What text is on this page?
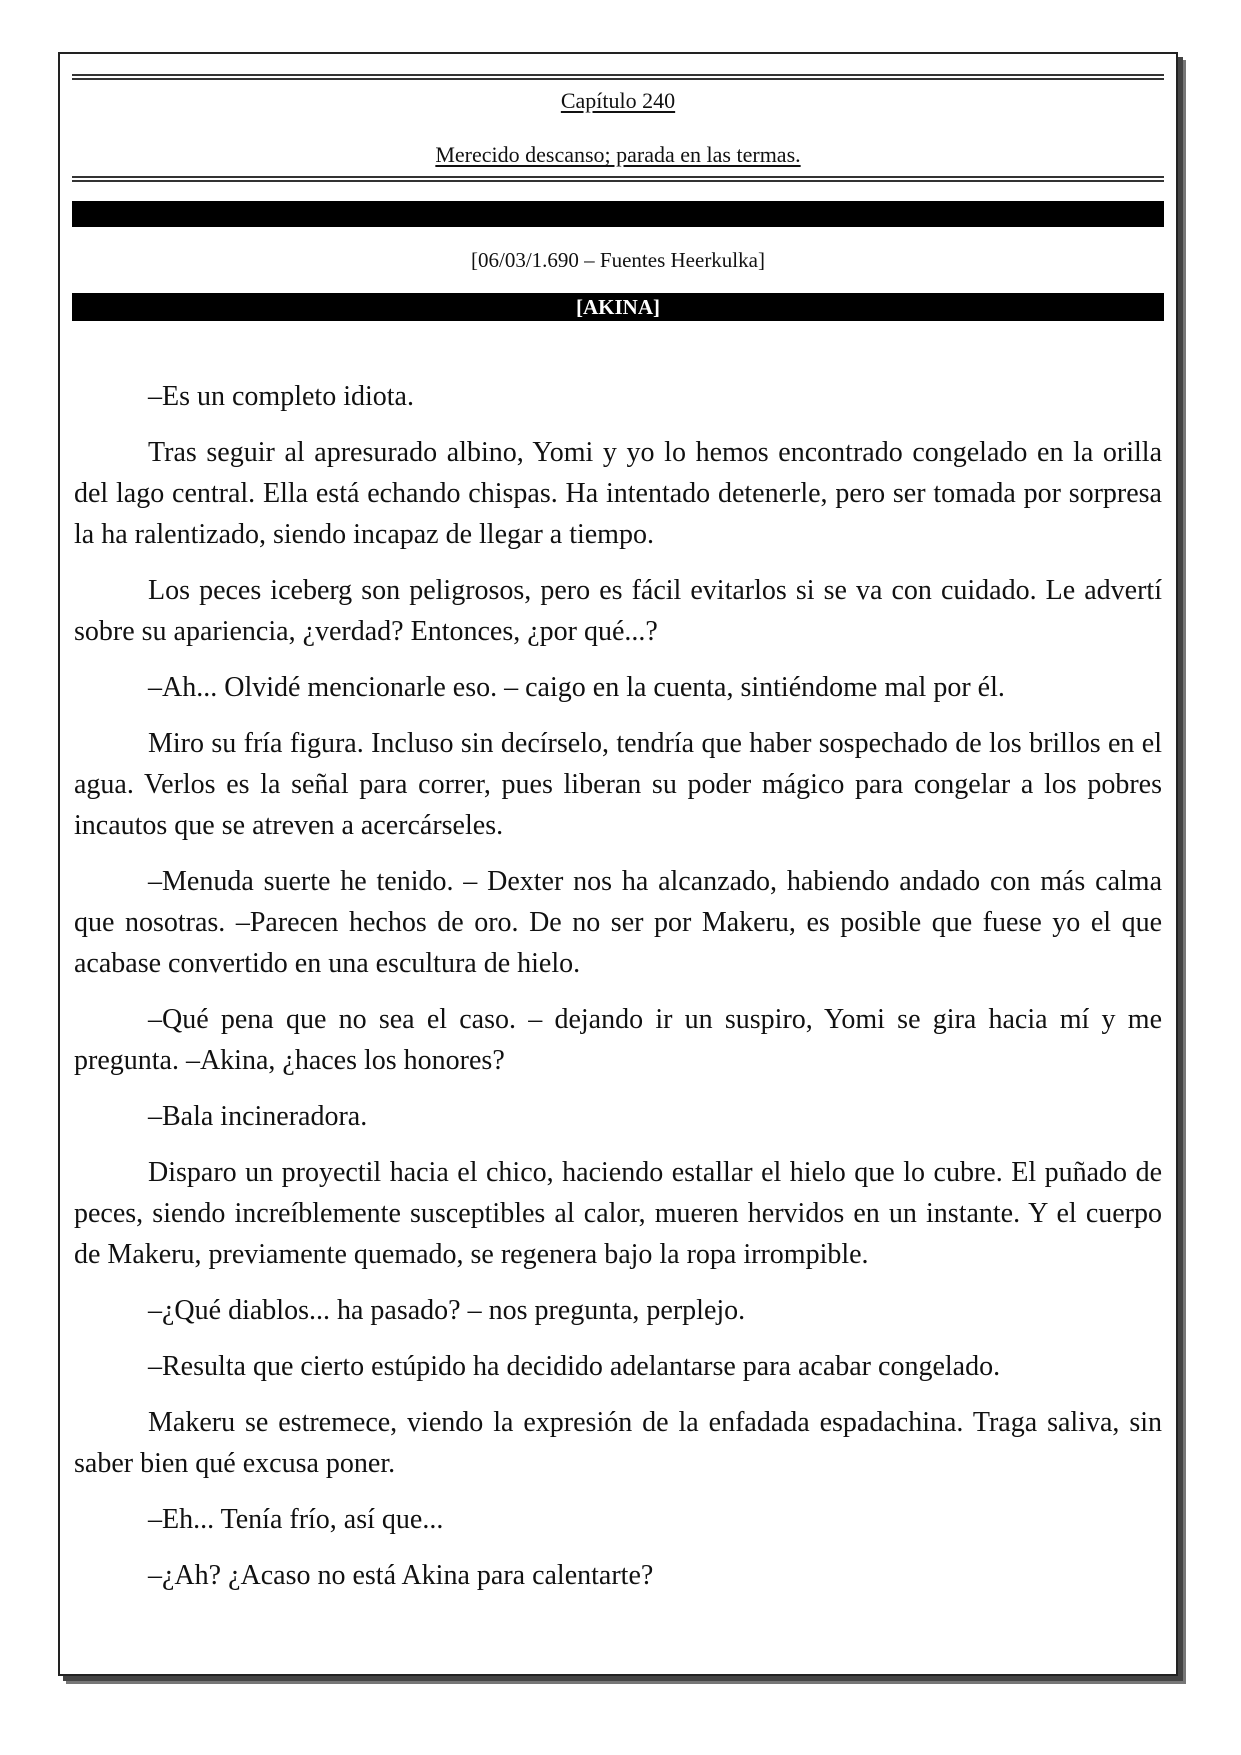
Capítulo 240
Merecido descanso; parada en las termas.
[06/03/1.690 – Fuentes Heerkulka]
[AKINA]

–Es un completo idiota.

Tras seguir al apresurado albino, Yomi y yo lo hemos encontrado congelado en la orilla del lago central. Ella está echando chispas. Ha intentado detenerle, pero ser tomada por sorpresa la ha ralentizado, siendo incapaz de llegar a tiempo.

Los peces iceberg son peligrosos, pero es fácil evitarlos si se va con cuidado. Le advertí sobre su apariencia, ¿verdad? Entonces, ¿por qué...?

–Ah... Olvidé mencionarle eso. – caigo en la cuenta, sintiéndome mal por él.

Miro su fría figura. Incluso sin decírselo, tendría que haber sospechado de los brillos en el agua. Verlos es la señal para correr, pues liberan su poder mágico para congelar a los pobres incautos que se atreven a acercárseles.

–Menuda suerte he tenido. – Dexter nos ha alcanzado, habiendo andado con más calma que nosotras. –Parecen hechos de oro. De no ser por Makeru, es posible que fuese yo el que acabase convertido en una escultura de hielo.

–Qué pena que no sea el caso. – dejando ir un suspiro, Yomi se gira hacia mí y me pregunta. –Akina, ¿haces los honores?

–Bala incineradora.

Disparo un proyectil hacia el chico, haciendo estallar el hielo que lo cubre. El puñado de peces, siendo increíblemente susceptibles al calor, mueren hervidos en un instante. Y el cuerpo de Makeru, previamente quemado, se regenera bajo la ropa irrompible.

–¿Qué diablos... ha pasado? – nos pregunta, perplejo.

–Resulta que cierto estúpido ha decidido adelantarse para acabar congelado.

Makeru se estremece, viendo la expresión de la enfadada espadachina. Traga saliva, sin saber bien qué excusa poner.

–Eh... Tenía frío, así que...

–¿Ah? ¿Acaso no está Akina para calentarte?
